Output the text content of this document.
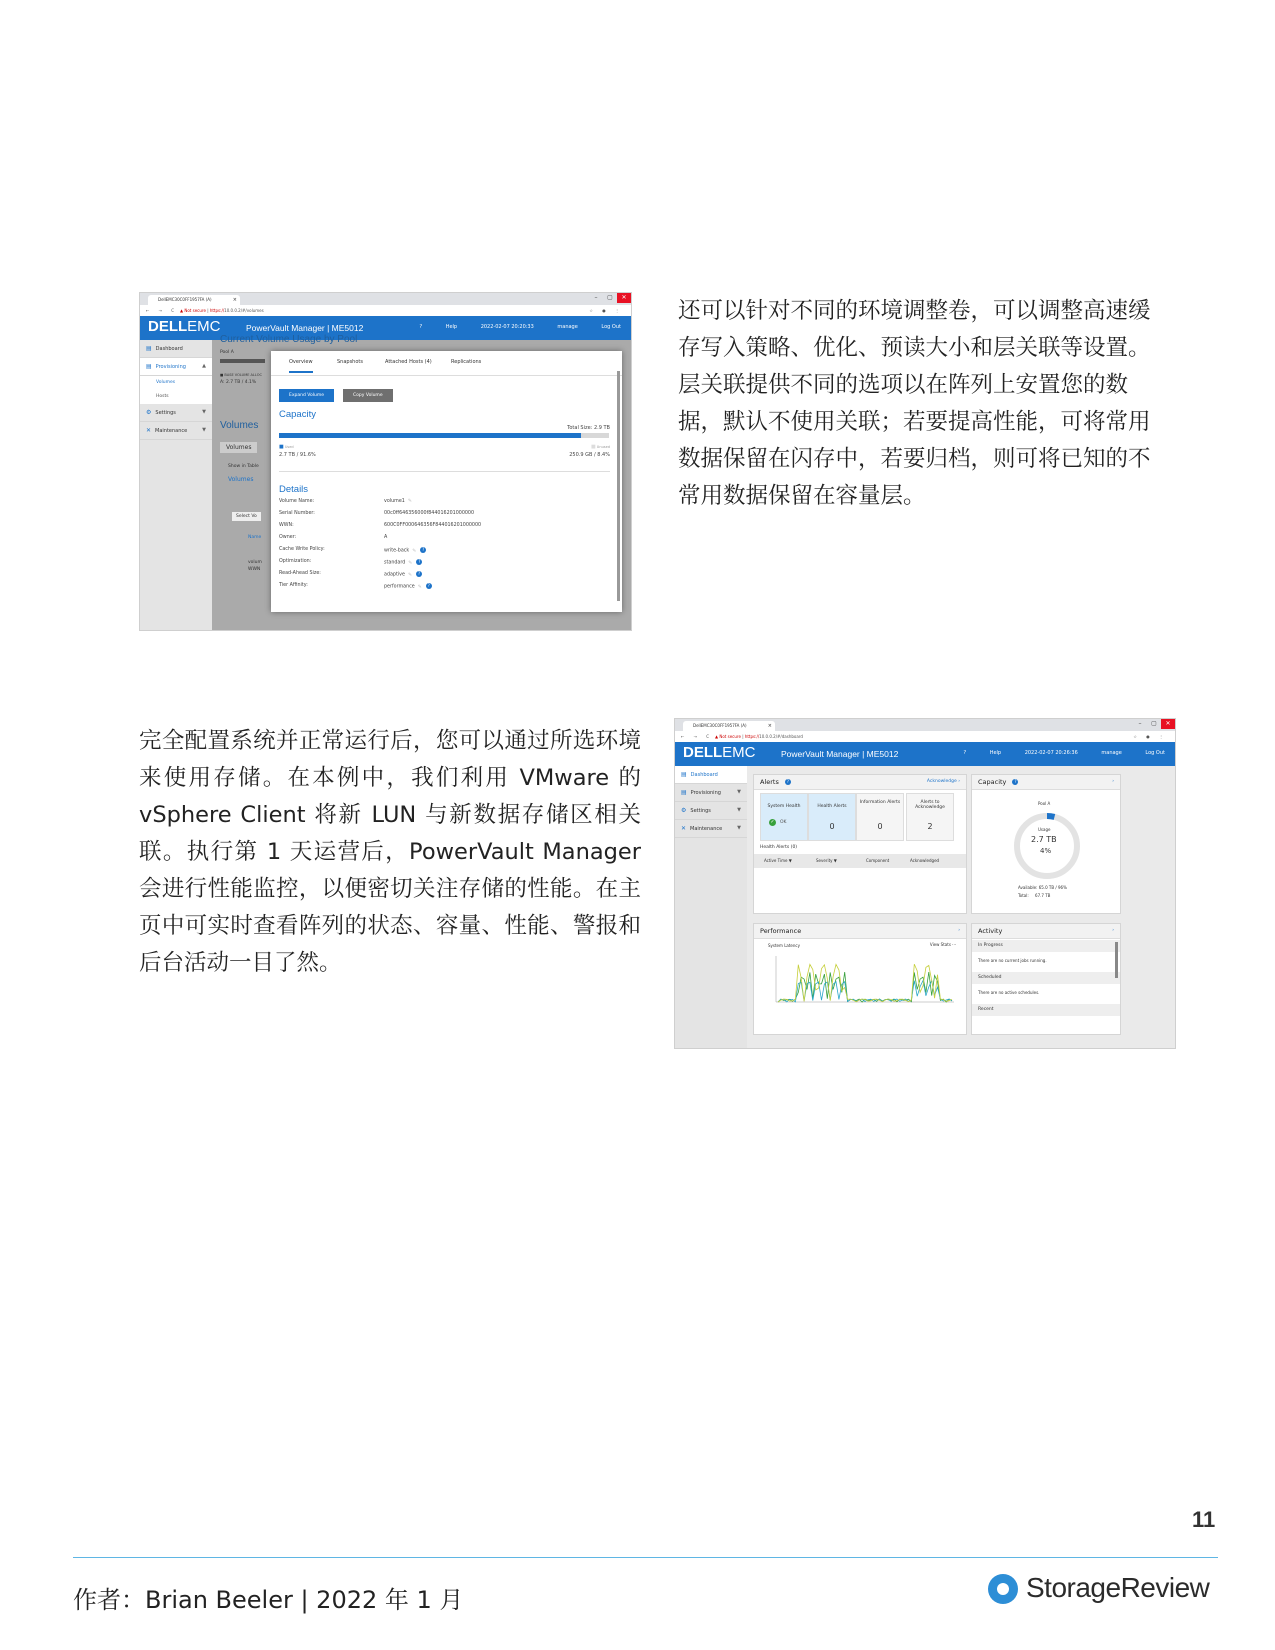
还可以针对不同的环境调整卷，可以调整高速缓存写入策略、优化、预读大小和层关联等设置。层关联提供不同的选项以在阵列上安置您的数据，默认不使用关联；若要提高性能，可将常用数据保留在闪存中，若要归档，则可将已知的不常用数据保留在容量层。

DellEMC30C0FF1957FA (A)	×	– ▢ ✕
← → C ▲ Not secure | https://10.0.0.2/#/volumes	☆ ● ⋮
DELLEMC	PowerVault Manager | ME5012	?	Help	2022-02-07 20:20:33	manage	Log Out
▤ Dashboard
▤ Provisioning	▲
Volumes
Hosts
⚙ Settings	▼
✕ Maintenance	▼
Current Volume Usage by Pool
Pool A
■ BASE VOLUME ALLOC
A: 2.7 TB / 4.1%
Volumes
Volumes
Show in Table
Volumes
Select Vo
Name
volum
WWN
Overview	Snapshots	Attached Hosts (4)	Replications
Expand Volume	Copy Volume
Capacity
Total Size: 2.9 TB
■ Used
2.7 TB / 91.6%
■ Unused
250.9 GB / 8.4%
Details
Volume Name:	volume1 ✎
Serial Number:	00c0ff646356000f844016201000000
WWN:	600C0FF000646356F844016201000000
Owner:	A
Cache Write Policy:	write-back ✎ ?
Optimization:	standard ✎ ?
Read-Ahead Size:	adaptive ✎ ?
Tier Affinity:	performance ✎ ?

完全配置系统并正常运行后，您可以通过所选环境来使用存储。在本例中，我们利用 VMware 的 vSphere Client 将新 LUN 与新数据存储区相关联。执行第 1 天运营后，PowerVault Manager 会进行性能监控，以便密切关注存储的性能。在主页中可实时查看阵列的状态、容量、性能、警报和后台活动一目了然。

DellEMC30C0FF1957FA (A)	×	– ▢ ✕
← → C ▲ Not secure | https://10.0.0.2/#/dashboard	☆ ● ⋮
DELLEMC	PowerVault Manager | ME5012	?	Help	2022-02-07 20:26:36	manage	Log Out
▤ Dashboard
▤ Provisioning	▼
⚙ Settings	▼
✕ Maintenance	▼
Alerts ?	Acknowledge ›
System Health
✓ OK
Health Alerts
0
Information Alerts
0
Alerts to Acknowledge
2
Health Alerts (0)
Active Time ▼	Severity ▼	Component	Acknowledged
Capacity ?	›
Pool A
Usage
2.7 TB
4%
Available: 65.0 TB / 96%
Total:     67.7 TB
Performance	›
System Latency	View Stats ···
Activity	›
In Progress
There are no current jobs running.
Scheduled
There are no active schedules.
Recent
11
作者：Brian Beeler | 2022 年 1 月	StorageReview
